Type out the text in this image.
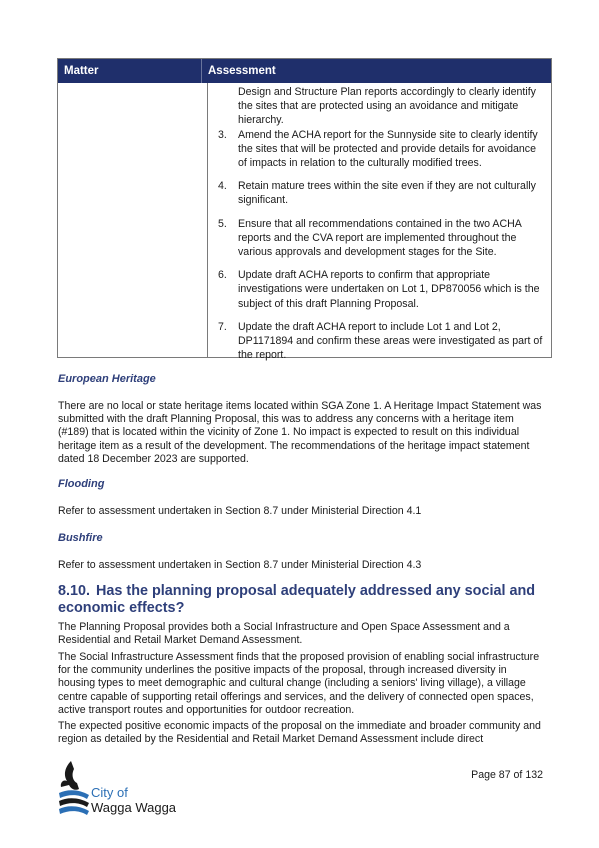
Matter	Assessment
Design and Structure Plan reports accordingly to clearly identify the sites that are protected using an avoidance and mitigate hierarchy.
3.	Amend the ACHA report for the Sunnyside site to clearly identify the sites that will be protected and provide details for avoidance of impacts in relation to the culturally modified trees.
4.	Retain mature trees within the site even if they are not culturally significant.
5.	Ensure that all recommendations contained in the two ACHA reports and the CVA report are implemented throughout the various approvals and development stages for the Site.
6.	Update draft ACHA reports to confirm that appropriate investigations were undertaken on Lot 1, DP870056 which is the subject of this draft Planning Proposal.
7.	Update the draft ACHA report to include Lot 1 and Lot 2, DP1171894 and confirm these areas were investigated as part of the report.
European Heritage
There are no local or state heritage items located within SGA Zone 1. A Heritage Impact Statement was submitted with the draft Planning Proposal, this was to address any concerns with a heritage item (#189) that is located within the vicinity of Zone 1. No impact is expected to result on this individual heritage item as a result of the development. The recommendations of the heritage impact statement dated 18 December 2023 are supported.
Flooding
Refer to assessment undertaken in Section 8.7 under Ministerial Direction 4.1
Bushfire
Refer to assessment undertaken in Section 8.7 under Ministerial Direction 4.3
8.10. Has the planning proposal adequately addressed any social and economic effects?
The Planning Proposal provides both a Social Infrastructure and Open Space Assessment and a Residential and Retail Market Demand Assessment.
The Social Infrastructure Assessment finds that the proposed provision of enabling social infrastructure for the community underlines the positive impacts of the proposal, through increased diversity in housing types to meet demographic and cultural change (including a seniors' living village), a village centre capable of supporting retail offerings and services, and the delivery of connected open spaces, active transport routes and opportunities for outdoor recreation.
The expected positive economic impacts of the proposal on the immediate and broader community and region as detailed by the Residential and Retail Market Demand Assessment include direct
City of
Wagga Wagga
Page 87 of 132
